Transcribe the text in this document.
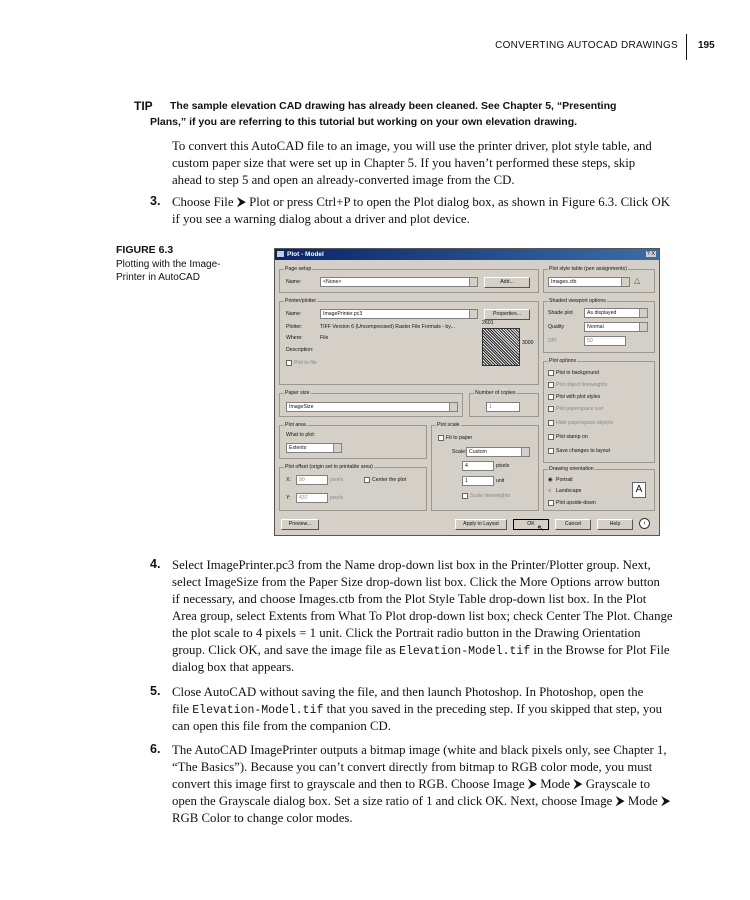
CONVERTING AUTOCAD DRAWINGS 195
TIP The sample elevation CAD drawing has already been cleaned. See Chapter 5, “Presenting
Plans,” if you are referring to this tutorial but working on your own elevation drawing.
To convert this AutoCAD file to an image, you will use the printer driver, plot style table, and
custom paper size that were set up in Chapter 5. If you haven’t performed these steps, skip
ahead to step 5 and open an already-converted image from the CD.
3. Choose File ⮞ Plot or press Ctrl+P to open the Plot dialog box, as shown in Figure 6.3. Click OK
if you see a warning dialog about a driver and plot device.
FIGURE 6.3
Plotting with the Image-
Printer in AutoCAD
Plot - Model	? X
Page setup
Name:	<None>	Add...
Printer/plotter
Name:	ImagePrinter.pc3	Properties...
Plotter:	TIFF Version 6 (Uncompressed) Raster File Formats - by...
Where:	File
Description:
Plot to file
2601
3000
Paper size
ImageSize
Number of copies
1
Plot area
What to plot:
Extents
Plot offset (origin set to printable area)
X: 90	pixels	Center the plot
Y: 437	pixels
Plot scale
Fit to paper
Scale: Custom
4	pixels
1	unit
Scale lineweights
Plot style table (pen assignments)
Images.ctb	△
Shaded viewport options
Shade plot	As displayed
Quality	Normal
DPI	50
Plot options
Plot in background
Plot object lineweights
Plot with plot styles
Plot paperspace last
Hide paperspace objects
Plot stamp on
Save changes to layout
Drawing orientation
◉ Portrait
○ Landscape
Plot upside-down
A
Preview...	Apply to Layout	OK	Cancel	Help	‹
↖
4. Select ImagePrinter.pc3 from the Name drop-down list box in the Printer/Plotter group. Next,
select ImageSize from the Paper Size drop-down list box. Click the More Options arrow button
if necessary, and choose Images.ctb from the Plot Style Table drop-down list box. In the Plot
Area group, select Extents from What To Plot drop-down list box; check Center The Plot. Change
the plot scale to 4 pixels = 1 unit. Click the Portrait radio button in the Drawing Orientation
group. Click OK, and save the image file as Elevation-Model.tif in the Browse for Plot File
dialog box that appears.
5. Close AutoCAD without saving the file, and then launch Photoshop. In Photoshop, open the
file Elevation-Model.tif that you saved in the preceding step. If you skipped that step, you
can open this file from the companion CD.
6. The AutoCAD ImagePrinter outputs a bitmap image (white and black pixels only, see Chapter 1,
“The Basics”). Because you can’t convert directly from bitmap to RGB color mode, you must
convert this image first to grayscale and then to RGB. Choose Image ⮞ Mode ⮞ Grayscale to
open the Grayscale dialog box. Set a size ratio of 1 and click OK. Next, choose Image ⮞ Mode ⮞
RGB Color to change color modes.
